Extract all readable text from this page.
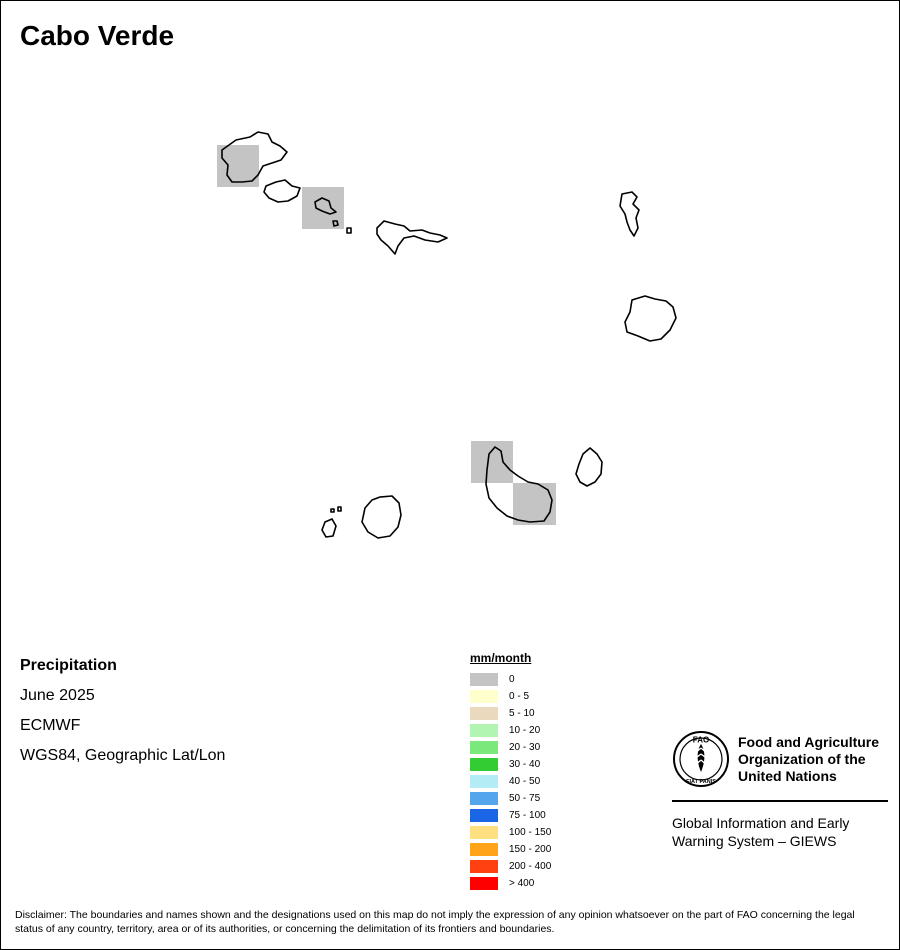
Cabo Verde
Precipitation
June 2025
ECMWF
WGS84, Geographic Lat/Lon
mm/month
0
0 - 5
5 - 10
10 - 20
20 - 30
30 - 40
40 - 50
50 - 75
75 - 100
100 - 150
150 - 200
200 - 400
> 400
FAO
FIAT PANIS
Food and Agriculture Organization of the United Nations
Global Information and Early Warning System – GIEWS
Disclaimer: The boundaries and names shown and the designations used on this map do not imply the expression of any opinion whatsoever on the part of FAO concerning the legal status of any country, territory, area or of its authorities, or concerning the delimitation of its frontiers and boundaries.
